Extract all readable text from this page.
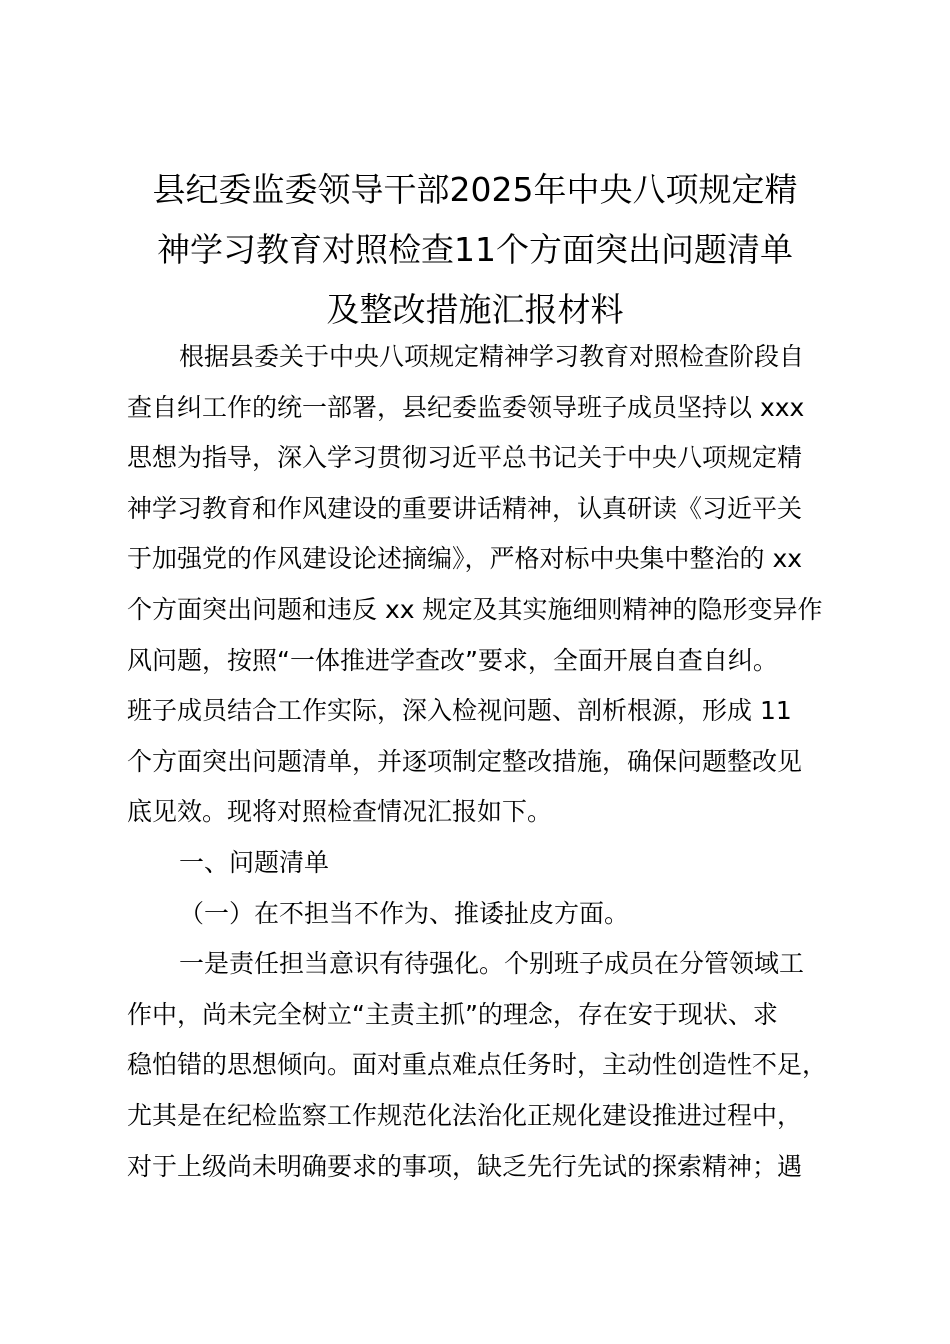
县纪委监委领导干部2025年中央八项规定精
神学习教育对照检查11个方面突出问题清单
及整改措施汇报材料
根据县委关于中央八项规定精神学习教育对照检查阶段自
查自纠工作的统一部署，县纪委监委领导班子成员坚持以 xxx
思想为指导，深入学习贯彻习近平总书记关于中央八项规定精
神学习教育和作风建设的重要讲话精神，认真研读《习近平关
于加强党的作风建设论述摘编》，严格对标中央集中整治的 xx
个方面突出问题和违反 xx 规定及其实施细则精神的隐形变异作
风问题，按照“一体推进学查改”要求，全面开展自查自纠。
班子成员结合工作实际，深入检视问题、剖析根源，形成 11
个方面突出问题清单，并逐项制定整改措施，确保问题整改见
底见效。现将对照检查情况汇报如下。
一、问题清单
（一）在不担当不作为、推诿扯皮方面。
一是责任担当意识有待强化。个别班子成员在分管领域工
作中，尚未完全树立“主责主抓”的理念，存在安于现状、求
稳怕错的思想倾向。面对重点难点任务时，主动性创造性不足，
尤其是在纪检监察工作规范化法治化正规化建设推进过程中，
对于上级尚未明确要求的事项，缺乏先行先试的探索精神；遇
